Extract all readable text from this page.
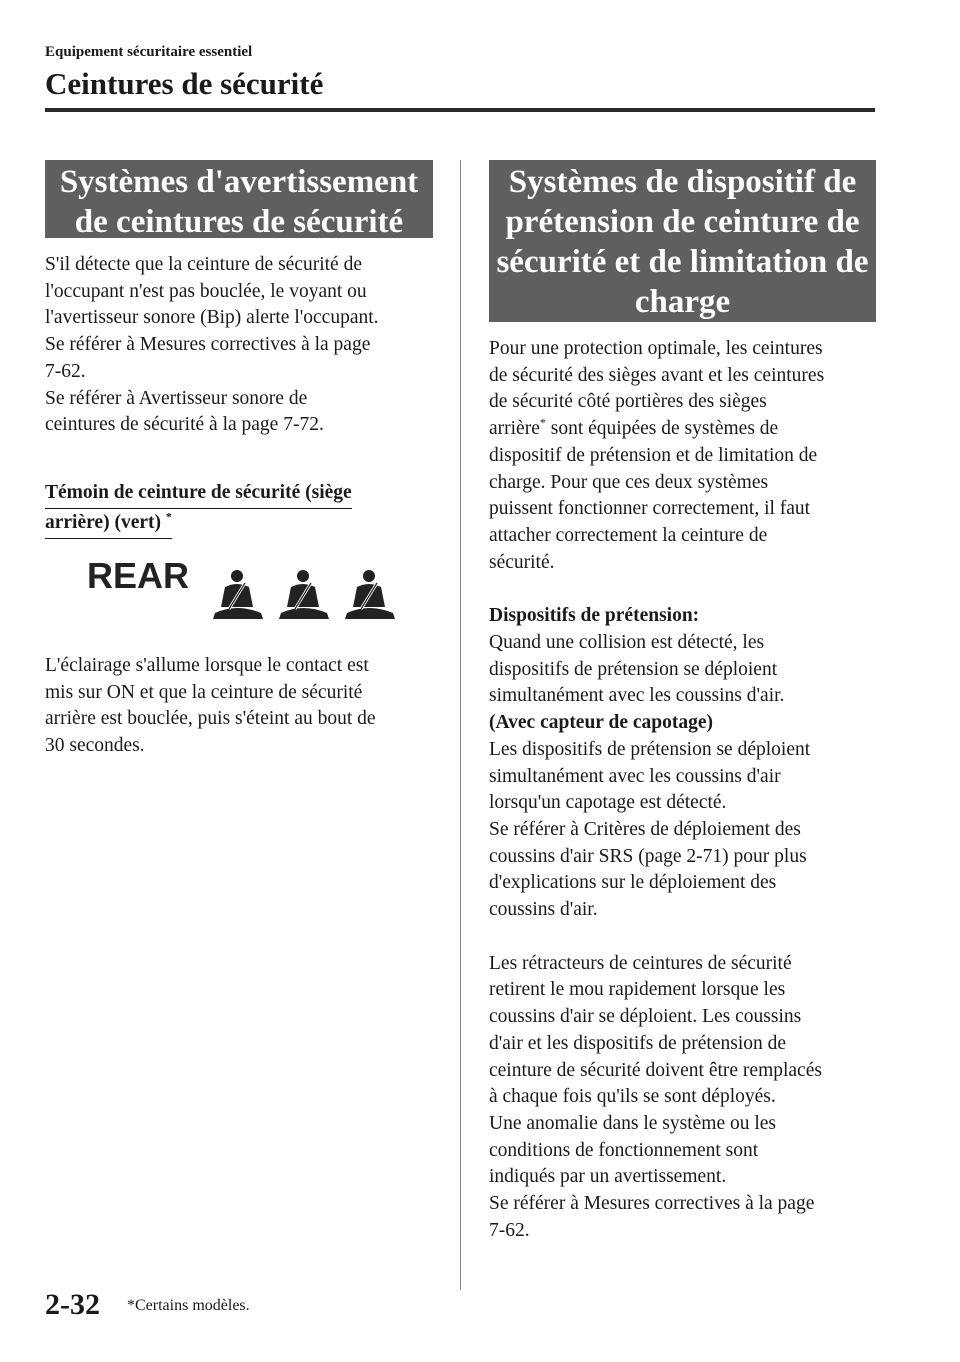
Equipement sécuritaire essentiel
Ceintures de sécurité
Systèmes d'avertissement
de ceintures de sécurité

S'il détecte que la ceinture de sécurité de

l'occupant n'est pas bouclée, le voyant ou

l'avertisseur sonore (Bip) alerte l'occupant.

Se référer à Mesures correctives à la page

7-62.

Se référer à Avertisseur sonore de

ceintures de sécurité à la page 7-72.

Témoin de ceinture de sécurité (siège
arrière) (vert) *
REAR

L'éclairage s'allume lorsque le contact est

mis sur ON et que la ceinture de sécurité

arrière est bouclée, puis s'éteint au bout de

30 secondes.

Systèmes de dispositif de
prétension de ceinture de
sécurité et de limitation de
charge

Pour une protection optimale, les ceintures

de sécurité des sièges avant et les ceintures

de sécurité côté portières des sièges

arrière* sont équipées de systèmes de

dispositif de prétension et de limitation de

charge. Pour que ces deux systèmes

puissent fonctionner correctement, il faut

attacher correctement la ceinture de

sécurité.

Dispositifs de prétension:

Quand une collision est détecté, les

dispositifs de prétension se déploient

simultanément avec les coussins d'air.

(Avec capteur de capotage)

Les dispositifs de prétension se déploient

simultanément avec les coussins d'air

lorsqu'un capotage est détecté.

Se référer à Critères de déploiement des

coussins d'air SRS (page 2-71) pour plus

d'explications sur le déploiement des

coussins d'air.

Les rétracteurs de ceintures de sécurité

retirent le mou rapidement lorsque les

coussins d'air se déploient. Les coussins

d'air et les dispositifs de prétension de

ceinture de sécurité doivent être remplacés

à chaque fois qu'ils se sont déployés.

Une anomalie dans le système ou les

conditions de fonctionnement sont

indiqués par un avertissement.

Se référer à Mesures correctives à la page

7-62.

2-32 *Certains modèles.
